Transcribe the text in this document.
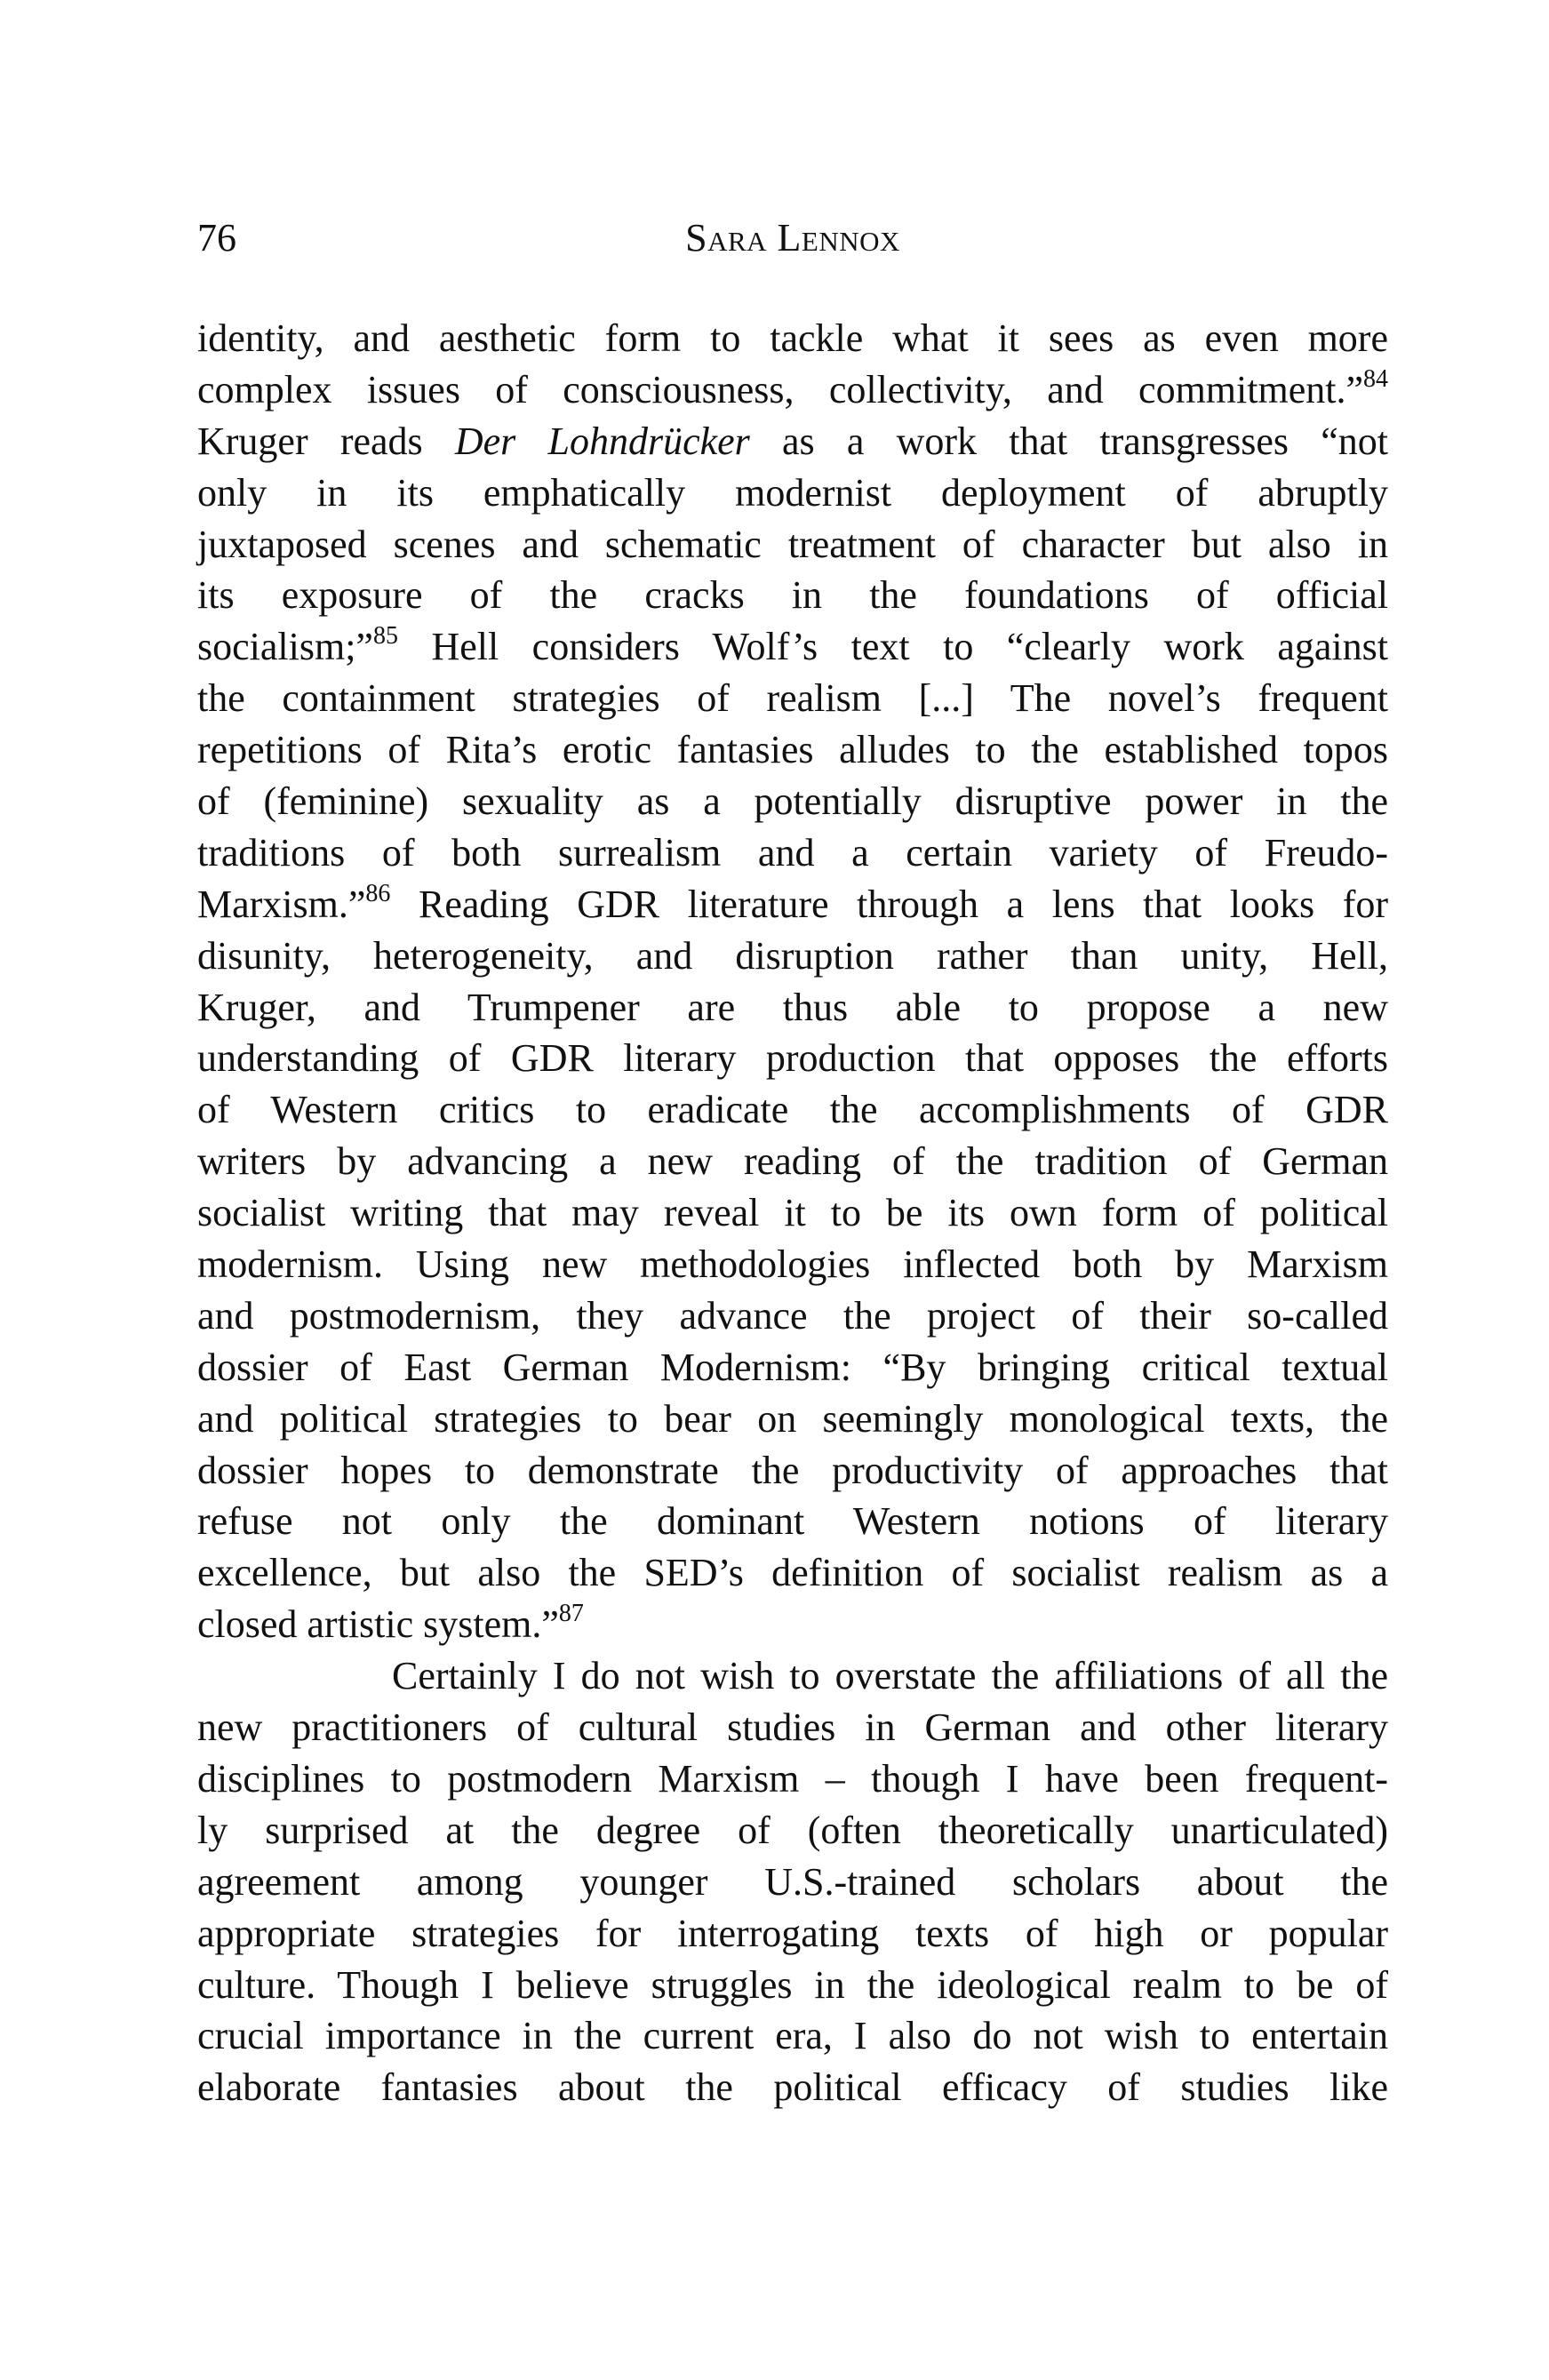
76	Sara Lennox
identity, and aesthetic form to tackle what it sees as even more
complex issues of consciousness, collectivity, and commitment.”$^{84}$
Kruger reads Der Lohndrücker as a work that transgresses “not
only in its emphatically modernist deployment of abruptly
juxtaposed scenes and schematic treatment of character but also in
its exposure of the cracks in the foundations of official
socialism;”$^{85}$ Hell considers Wolf’s text to “clearly work against
the containment strategies of realism [...] The novel’s frequent
repetitions of Rita’s erotic fantasies alludes to the established topos
of (feminine) sexuality as a potentially disruptive power in the
traditions of both surrealism and a certain variety of Freudo-
Marxism.”$^{86}$ Reading GDR literature through a lens that looks for
disunity, heterogeneity, and disruption rather than unity, Hell,
Kruger, and Trumpener are thus able to propose a new
understanding of GDR literary production that opposes the efforts
of Western critics to eradicate the accomplishments of GDR
writers by advancing a new reading of the tradition of German
socialist writing that may reveal it to be its own form of political
modernism. Using new methodologies inflected both by Marxism
and postmodernism, they advance the project of their so-called
dossier of East German Modernism: “By bringing critical textual
and political strategies to bear on seemingly monological texts, the
dossier hopes to demonstrate the productivity of approaches that
refuse not only the dominant Western notions of literary
excellence, but also the SED’s definition of socialist realism as a
closed artistic system.”$^{87}$
Certainly I do not wish to overstate the affiliations of all the
new practitioners of cultural studies in German and other literary
disciplines to postmodern Marxism – though I have been frequent-
ly surprised at the degree of (often theoretically unarticulated)
agreement among younger U.S.-trained scholars about the
appropriate strategies for interrogating texts of high or popular
culture. Though I believe struggles in the ideological realm to be of
crucial importance in the current era, I also do not wish to entertain
elaborate fantasies about the political efficacy of studies like
